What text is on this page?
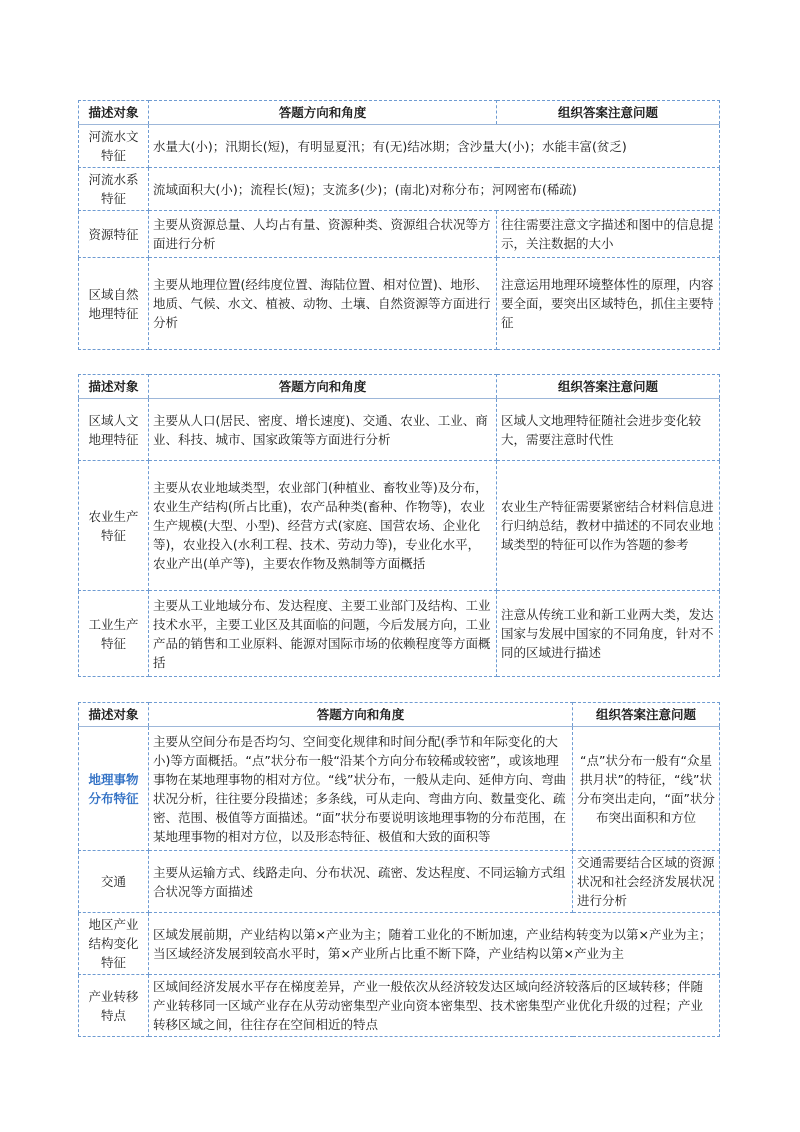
描述对象	答题方向和角度	组织答案注意问题
河流水文特征	水量大(小)；汛期长(短)，有明显夏汛；有(无)结冰期；含沙量大(小)；水能丰富(贫乏)	
河流水系特征	流域面积大(小)；流程长(短)；支流多(少)；(南北)对称分布；河网密布(稀疏)	
资源特征	主要从资源总量、人均占有量、资源种类、资源组合状况等方面进行分析	往往需要注意文字描述和图中的信息提示，关注数据的大小
区域自然地理特征	主要从地理位置(经纬度位置、海陆位置、相对位置)、地形、地质、气候、水文、植被、动物、土壤、自然资源等方面进行分析	注意运用地理环境整体性的原理，内容要全面，要突出区域特色，抓住主要特征
描述对象	答题方向和角度	组织答案注意问题
区域人文地理特征	主要从人口(居民、密度、增长速度)、交通、农业、工业、商业、科技、城市、国家政策等方面进行分析	区域人文地理特征随社会进步变化较大，需要注意时代性
农业生产特征	主要从农业地域类型，农业部门(种植业、畜牧业等)及分布，农业生产结构(所占比重)，农产品种类(畜种、作物等)，农业生产规模(大型、小型)、经营方式(家庭、国营农场、企业化等)，农业投入(水利工程、技术、劳动力等)，专业化水平，农业产出(单产等)，主要农作物及熟制等方面概括	农业生产特征需要紧密结合材料信息进行归纳总结，教材中描述的不同农业地域类型的特征可以作为答题的参考
工业生产特征	主要从工业地域分布、发达程度、主要工业部门及结构、工业技术水平，主要工业区及其面临的问题，今后发展方向，工业产品的销售和工业原料、能源对国际市场的依赖程度等方面概括	注意从传统工业和新工业两大类，发达国家与发展中国家的不同角度，针对不同的区域进行描述
描述对象	答题方向和角度	组织答案注意问题
地理事物分布特征	主要从空间分布是否均匀、空间变化规律和时间分配(季节和年际变化的大小)等方面概括。“点”状分布一般“沿某个方向分布较稀或较密”，或该地理事物在某地理事物的相对方位。“线”状分布，一般从走向、延伸方向、弯曲状况分析，往往要分段描述；多条线，可从走向、弯曲方向、数量变化、疏密、范围、极值等方面描述。“面”状分布要说明该地理事物的分布范围，在某地理事物的相对方位，以及形态特征、极值和大致的面积等	“点”状分布一般有“众星拱月状”的特征，“线”状分布突出走向，“面”状分布突出面积和方位
交通	主要从运输方式、线路走向、分布状况、疏密、发达程度、不同运输方式组合状况等方面描述	交通需要结合区域的资源状况和社会经济发展状况进行分析
地区产业结构变化特征	区域发展前期，产业结构以第×产业为主；随着工业化的不断加速，产业结构转变为以第×产业为主；当区域经济发展到较高水平时，第×产业所占比重不断下降，产业结构以第×产业为主	
产业转移特点	区域间经济发展水平存在梯度差异，产业一般依次从经济较发达区域向经济较落后的区域转移；伴随产业转移同一区域产业存在从劳动密集型产业向资本密集型、技术密集型产业优化升级的过程；产业转移区域之间，往往存在空间相近的特点	
